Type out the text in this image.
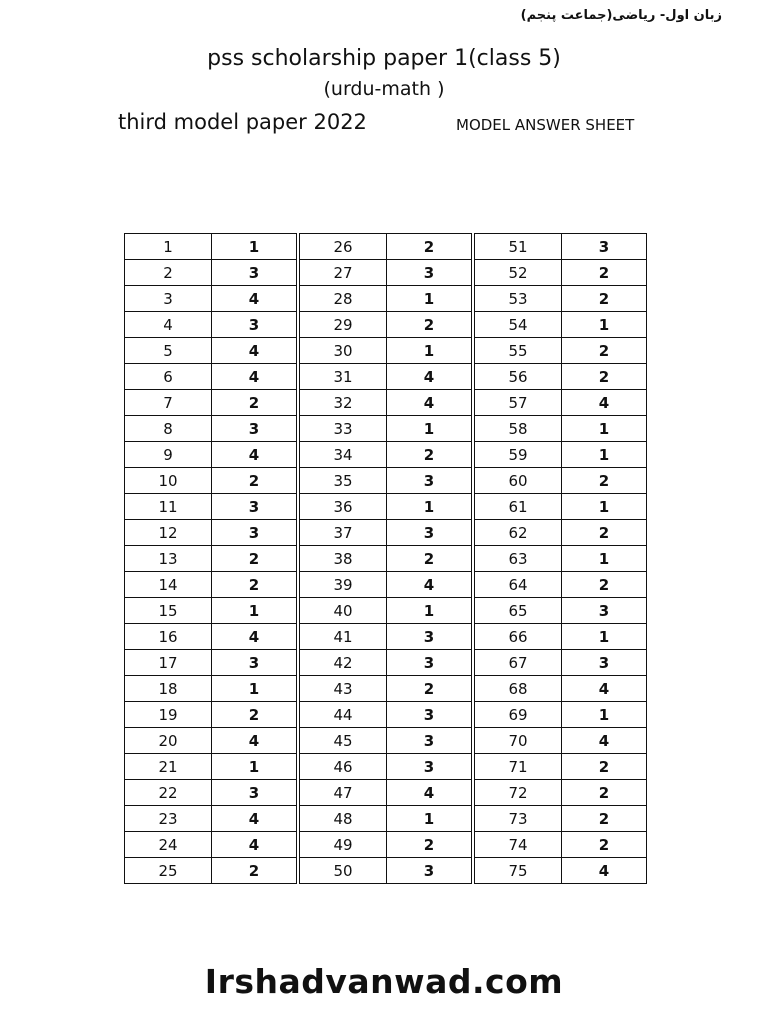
زبان اول- ریاضی(جماعت پنجم)

pss scholarship paper 1(class 5)

(urdu-math )

third model paper 2022	MODEL ANSWER SHEET

1	1	26	2	51	3
2	3	27	3	52	2
3	4	28	1	53	2
4	3	29	2	54	1
5	4	30	1	55	2
6	4	31	4	56	2
7	2	32	4	57	4
8	3	33	1	58	1
9	4	34	2	59	1
10	2	35	3	60	2
11	3	36	1	61	1
12	3	37	3	62	2
13	2	38	2	63	1
14	2	39	4	64	2
15	1	40	1	65	3
16	4	41	3	66	1
17	3	42	3	67	3
18	1	43	2	68	4
19	2	44	3	69	1
20	4	45	3	70	4
21	1	46	3	71	2
22	3	47	4	72	2
23	4	48	1	73	2
24	4	49	2	74	2
25	2	50	3	75	4

Irshadvanwad.com
